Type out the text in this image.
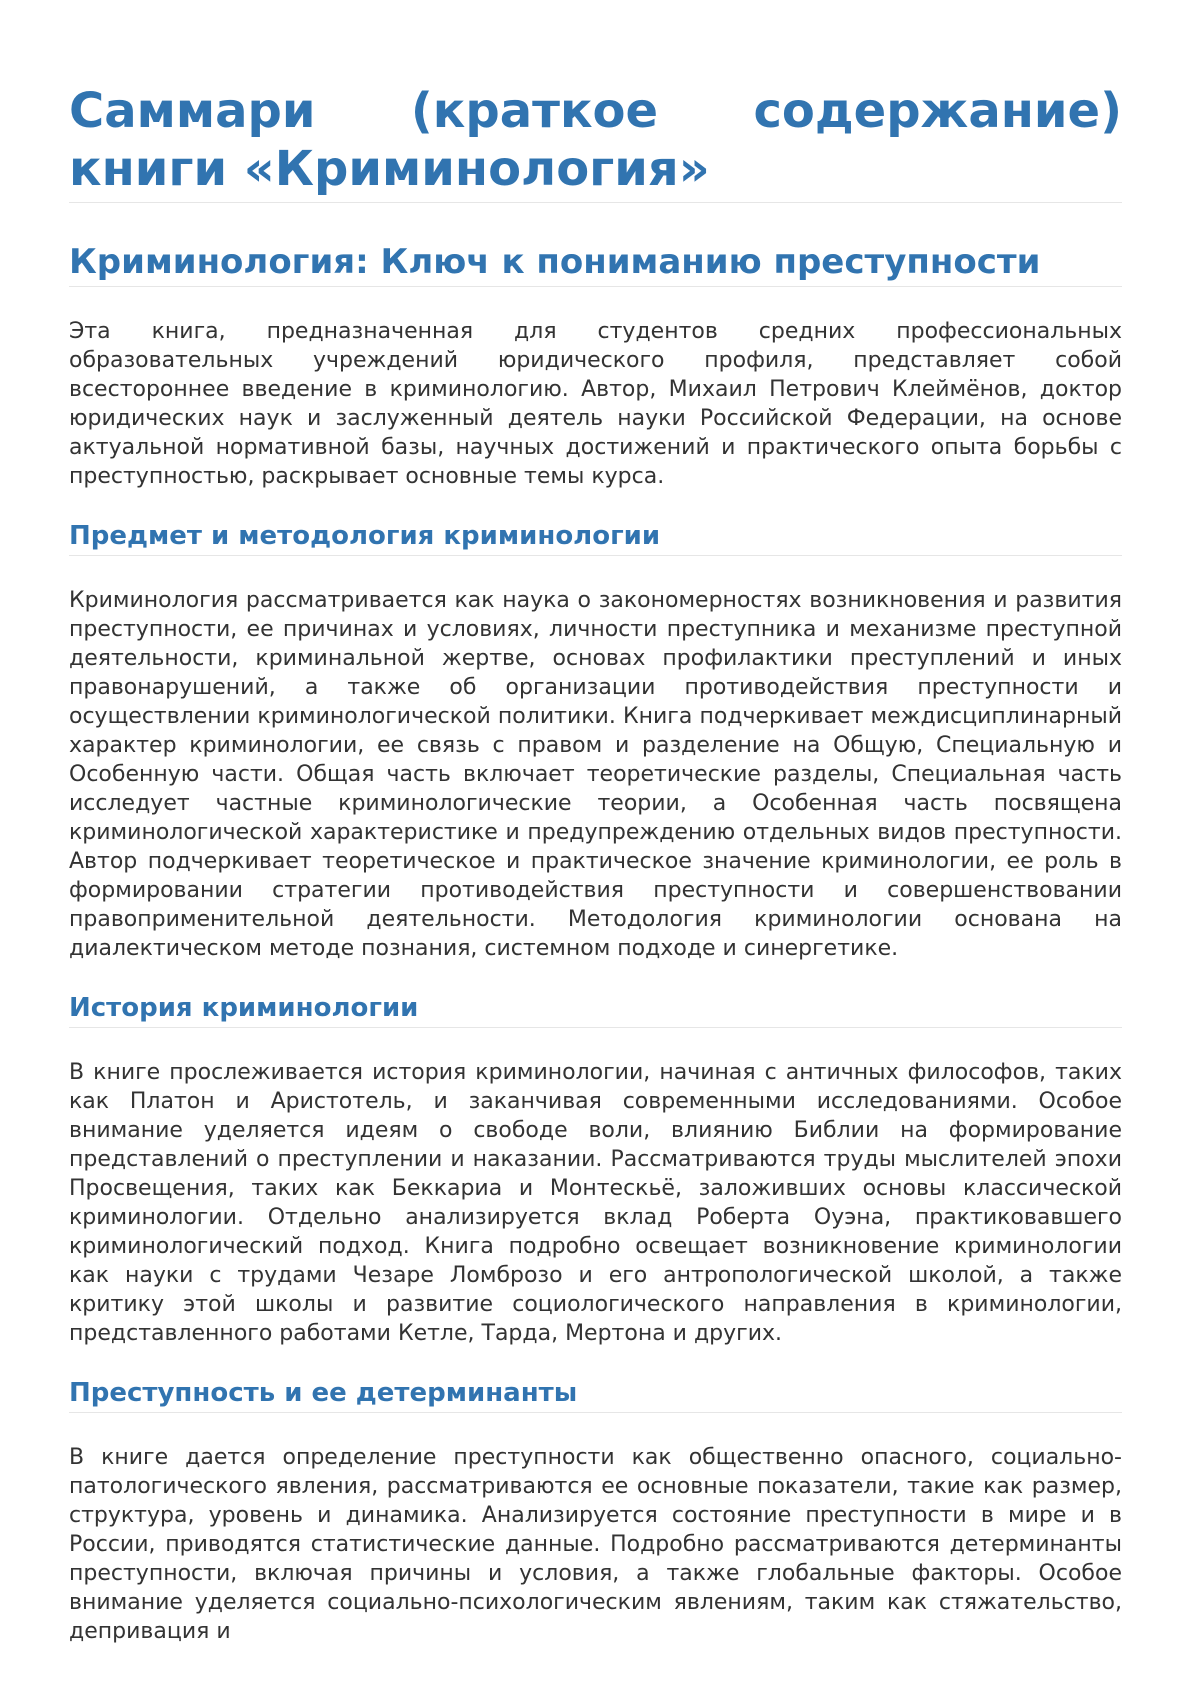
Саммари (краткое содержание) книги «Криминология»
Криминология: Ключ к пониманию преступности

Эта книга, предназначенная для студентов средних профессиональных образовательных учреждений юридического профиля, представляет собой всестороннее введение в криминологию. Автор, Михаил Петрович Клеймёнов, доктор юридических наук и заслуженный деятель науки Российской Федерации, на основе актуальной нормативной базы, научных достижений и практического опыта борьбы с преступностью, раскрывает основные темы курса.

Предмет и методология криминологии

Криминология рассматривается как наука о закономерностях возникновения и развития преступности, ее причинах и условиях, личности преступника и механизме преступной деятельности, криминальной жертве, основах профилактики преступлений и иных правонарушений, а также об организации противодействия преступности и осуществлении криминологической политики. Книга подчеркивает междисциплинарный характер криминологии, ее связь с правом и разделение на Общую, Специальную и Особенную части. Общая часть включает теоретические разделы, Специальная часть исследует частные криминологические теории, а Особенная часть посвящена криминологической характеристике и предупреждению отдельных видов преступности. Автор подчеркивает теоретическое и практическое значение криминологии, ее роль в формировании стратегии противодействия преступности и совершенствовании правоприменительной деятельности. Методология криминологии основана на диалектическом методе познания, системном подходе и синергетике.

История криминологии

В книге прослеживается история криминологии, начиная с античных философов, таких как Платон и Аристотель, и заканчивая современными исследованиями. Особое внимание уделяется идеям о свободе воли, влиянию Библии на формирование представлений о преступлении и наказании. Рассматриваются труды мыслителей эпохи Просвещения, таких как Беккариа и Монтескьё, заложивших основы классической криминологии. Отдельно анализируется вклад Роберта Оуэна, практиковавшего криминологический подход. Книга подробно освещает возникновение криминологии как науки с трудами Чезаре Ломброзо и его антропологической школой, а также критику этой школы и развитие социологического направления в криминологии, представленного работами Кетле, Тарда, Мертона и других.

Преступность и ее детерминанты

В книге дается определение преступности как общественно опасного, социально-патологического явления, рассматриваются ее основные показатели, такие как размер, структура, уровень и динамика. Анализируется состояние преступности в мире и в России, приводятся статистические данные. Подробно рассматриваются детерминанты преступности, включая причины и условия, а также глобальные факторы. Особое внимание уделяется социально-психологическим явлениям, таким как стяжательство, депривация и
